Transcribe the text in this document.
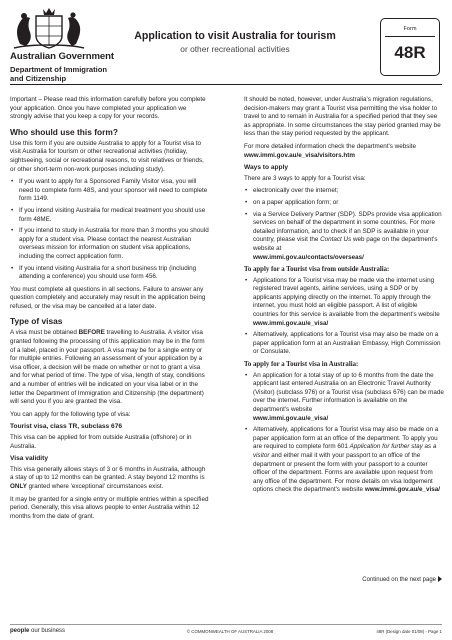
Australian Government
Department of Immigration
and Citizenship
Application to visit Australia for tourism
or other recreational activities
Form
48R

Important – Please read this information carefully before you complete your application. Once you have completed your application we strongly advise that you keep a copy for your records.

Who should use this form?

Use this form if you are outside Australia to apply for a Tourist visa to visit Australia for tourism or other recreational activities (holiday, sightseeing, social or recreational reasons, to visit relatives or friends, or other short-term non-work purposes including study).

• If you want to apply for a Sponsored Family Visitor visa, you will need to complete form 48S, and your sponsor will need to complete form 1149.
• If you intend visiting Australia for medical treatment you should use form 48ME.
• If you intend to study in Australia for more than 3 months you should apply for a student visa. Please contact the nearest Australian overseas mission for information on student visa applications, including the correct application form.
• If you intend visiting Australia for a short business trip (including attending a conference) you should use form 456.

You must complete all questions in all sections. Failure to answer any question completely and accurately may result in the application being refused, or the visa may be cancelled at a later date.

Type of visas

A visa must be obtained BEFORE travelling to Australia. A visitor visa granted following the processing of this application may be in the form of a label, placed in your passport. A visa may be for a single entry or for multiple entries. Following an assessment of your application by a visa officer, a decision will be made on whether or not to grant a visa and for what period of time. The type of visa, length of stay, conditions and a number of entries will be indicated on your visa label or in the letter the Department of Immigration and Citizenship (the department) will send you if you are granted the visa.

You can apply for the following type of visa:

Tourist visa, class TR, subclass 676

This visa can be applied for from outside Australia (offshore) or in Australia.

Visa validity

This visa generally allows stays of 3 or 6 months in Australia, although a stay of up to 12 months can be granted. A stay beyond 12 months is ONLY granted where 'exceptional' circumstances exist.

It may be granted for a single entry or multiple entries within a specified period. Generally, this visa allows people to enter Australia within 12 months from the date of grant.

It should be noted, however, under Australia's migration regulations, decision-makers may grant a Tourist visa permitting the visa holder to travel to and to remain in Australia for a specified period that they see as appropriate. In some circumstances the stay period granted may be less than the stay period requested by the applicant.

For more detailed information check the department's website
www.immi.gov.au/e_visa/visitors.htm

Ways to apply

There are 3 ways to apply for a Tourist visa:

• electronically over the internet;
• on a paper application form; or
• via a Service Delivery Partner (SDP). SDPs provide visa application services on behalf of the department in some countries. For more detailed information, and to check if an SDP is available in your country, please visit the Contact Us web page on the department's website at
www.immi.gov.au/contacts/overseas/
To apply for a Tourist visa from outside Australia:
• Applications for a Tourist visa may be made via the internet using registered travel agents, airline services, using a SDP or by applicants applying directly on the internet. To apply through the internet, you must hold an eligible passport. A list of eligible countries for this service is available from the department's website www.immi.gov.au/e_visa/
• Alternatively, applications for a Tourist visa may also be made on a paper application form at an Australian Embassy, High Commission or Consulate.
To apply for a Tourist visa in Australia:
• An application for a total stay of up to 6 months from the date the applicant last entered Australia on an Electronic Travel Authority (Visitor) (subclass 976) or a Tourist visa (subclass 676) can be made over the internet. Further information is available on the department's website
www.immi.gov.au/e_visa/
• Alternatively, applications for a Tourist visa may also be made on a paper application form at an office of the department. To apply you are required to complete form 601 Application for further stay as a visitor and either mail it with your passport to an office of the department or present the form with your passport to a counter officer of the department. Forms are available upon request from any office of the department. For more details on visa lodgement options check the department's website www.immi.gov.au/e_visa/
Continued on the next page
people our business	© COMMONWEALTH OF AUSTRALIA 2008	48R (Design date 01/08) - Page 1
